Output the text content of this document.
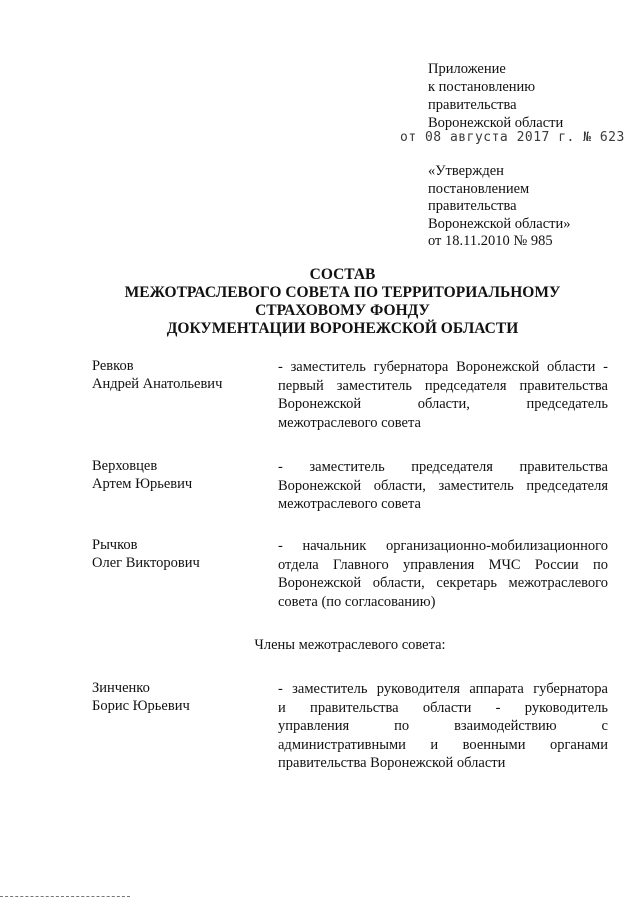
Приложение
к постановлению
правительства
Воронежской области
от 08 августа 2017 г. № 623
«Утвержден
постановлением
правительства
Воронежской области»
от 18.11.2010 № 985
СОСТАВ
МЕЖОТРАСЛЕВОГО СОВЕТА ПО ТЕРРИТОРИАЛЬНОМУ
СТРАХОВОМУ ФОНДУ
ДОКУМЕНТАЦИИ ВОРОНЕЖСКОЙ ОБЛАСТИ
Ревков
Андрей Анатольевич
- заместитель губернатора Воронежской области -
первый заместитель председателя правительства
Воронежской области, председатель
межотраслевого совета
Верховцев
Артем Юрьевич
- заместитель председателя правительства
Воронежской области, заместитель председателя
межотраслевого совета
Рычков
Олег Викторович
- начальник организационно-мобилизационного
отдела Главного управления МЧС России по
Воронежской области, секретарь межотраслевого
совета (по согласованию)
Члены межотраслевого совета:
Зинченко
Борис Юрьевич
- заместитель руководителя аппарата губернатора
и правительства области - руководитель
управления по взаимодействию с
административными и военными органами
правительства Воронежской области
